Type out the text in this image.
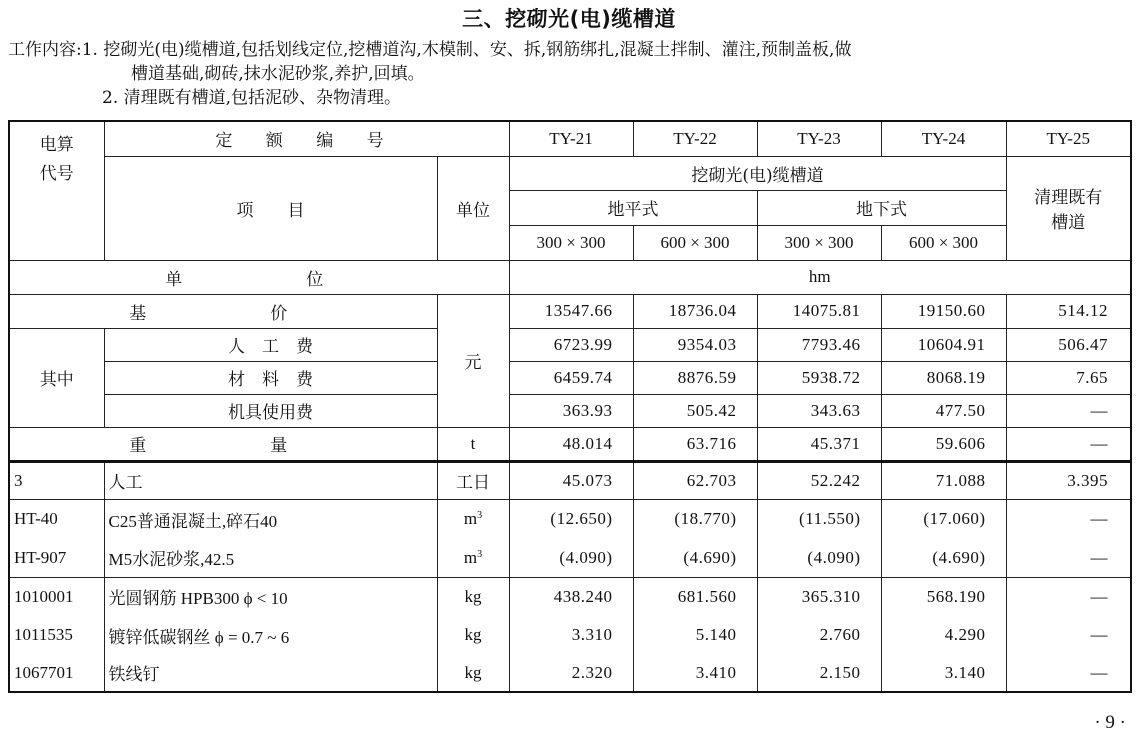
三、挖砌光(电)缆槽道
工作内容:1. 挖砌光(电)缆槽道,包括划线定位,挖槽道沟,木模制、安、拆,钢筋绑扎,混凝土拌制、灌注,预制盖板,做
槽道基础,砌砖,抹水泥砂浆,养护,回填。
2. 清理既有槽道,包括泥砂、杂物清理。
电算
代号	定 额 编 号		TY-21	TY-22	TY-23	TY-24	TY-25
	项　　目	单位	挖砌光(电)缆槽道				清理既有
槽道

			地平式		地下式		
			300 × 300	600 × 300	300 × 300	600 × 300	
单　　位			hm				
基　　价		元	13547.66	18736.04	14075.81	19150.60	514.12
其中	人　工　费		6723.99	9354.03	7793.46	10604.91	506.47
	材　料　费		6459.74	8876.59	5938.72	8068.19	7.65
	机具使用费		363.93	505.42	343.63	477.50	—
重　　量		t	48.014	63.716	45.371	59.606	—
3	人工	工日	45.073	62.703	52.242	71.088	3.395
HT-40	C25普通混凝土,碎石40	$m^3$	(12.650)	(18.770)	(11.550)	(17.060)	—
HT-907	M5水泥砂浆,42.5	$m^3$	(4.090)	(4.690)	(4.090)	(4.690)	—
1010001	光圆钢筋 HPB300 ϕ < 10	kg	438.240	681.560	365.310	568.190	—
1011535	镀锌低碳钢丝 ϕ = 0.7 ~ 6	kg	3.310	5.140	2.760	4.290	—
1067701	铁线钉	kg	2.320	3.410	2.150	3.140	—
· 9 ·
